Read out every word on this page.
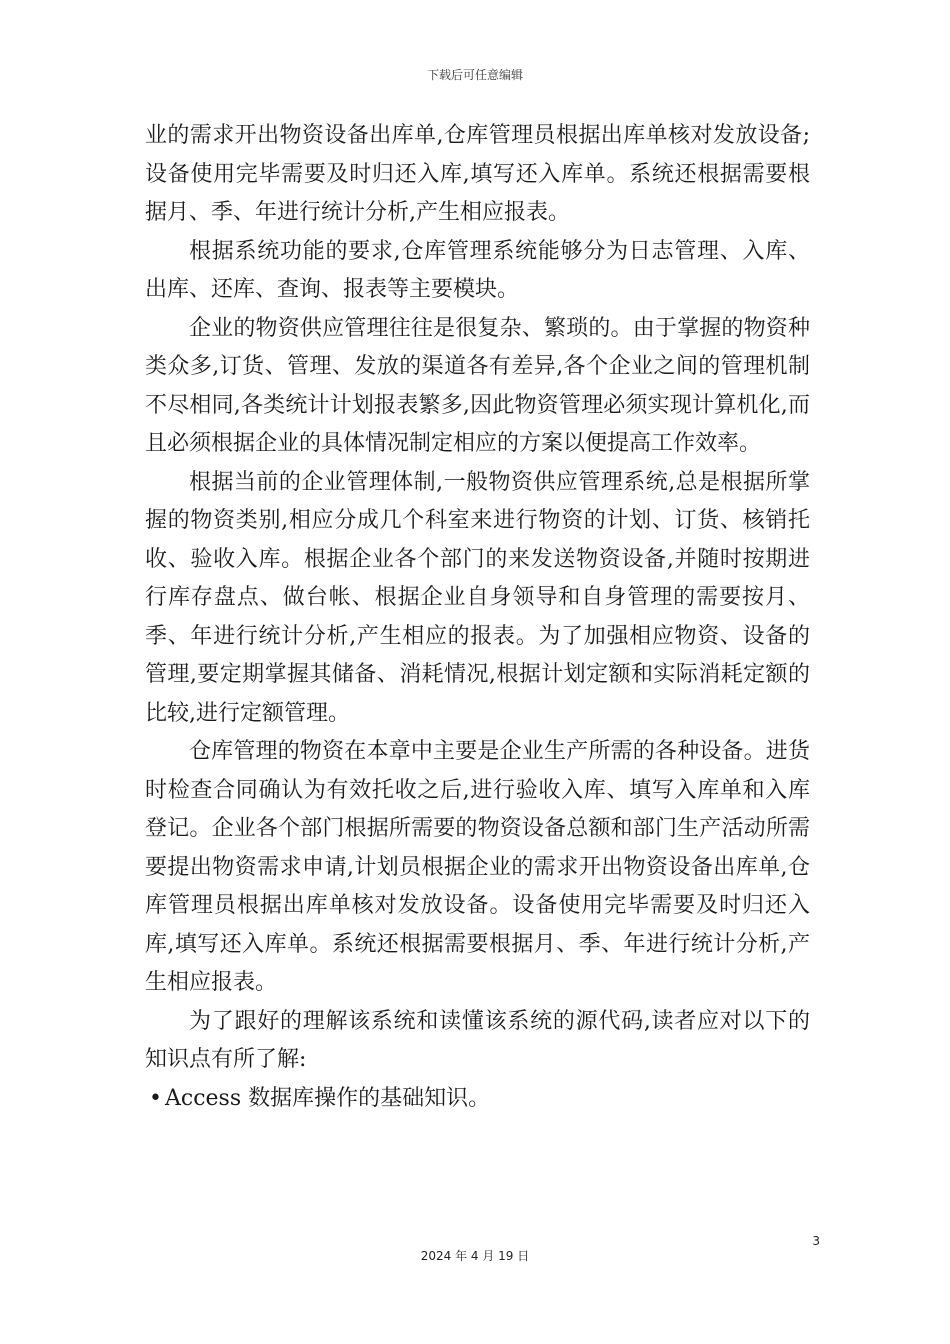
下载后可任意编辑

业的需求开出物资设备出库单,仓库管理员根据出库单核对发放设备;设备使用完毕需要及时归还入库,填写还入库单。系统还根据需要根据月、季、年进行统计分析,产生相应报表。

根据系统功能的要求,仓库管理系统能够分为日志管理、入库、出库、还库、查询、报表等主要模块。

企业的物资供应管理往往是很复杂、繁琐的。由于掌握的物资种类众多,订货、管理、发放的渠道各有差异,各个企业之间的管理机制不尽相同,各类统计计划报表繁多,因此物资管理必须实现计算机化,而且必须根据企业的具体情况制定相应的方案以便提高工作效率。

根据当前的企业管理体制,一般物资供应管理系统,总是根据所掌握的物资类别,相应分成几个科室来进行物资的计划、订货、核销托收、验收入库。根据企业各个部门的来发送物资设备,并随时按期进行库存盘点、做台帐、根据企业自身领导和自身管理的需要按月、季、年进行统计分析,产生相应的报表。为了加强相应物资、设备的管理,要定期掌握其储备、消耗情况,根据计划定额和实际消耗定额的比较,进行定额管理。

仓库管理的物资在本章中主要是企业生产所需的各种设备。进货时检查合同确认为有效托收之后,进行验收入库、填写入库单和入库登记。企业各个部门根据所需要的物资设备总额和部门生产活动所需要提出物资需求申请,计划员根据企业的需求开出物资设备出库单,仓库管理员根据出库单核对发放设备。设备使用完毕需要及时归还入库,填写还入库单。系统还根据需要根据月、季、年进行统计分析,产生相应报表。

为了跟好的理解该系统和读懂该系统的源代码,读者应对以下的知识点有所了解:

• Access 数据库操作的基础知识。

3
2024 年 4 月 19 日
